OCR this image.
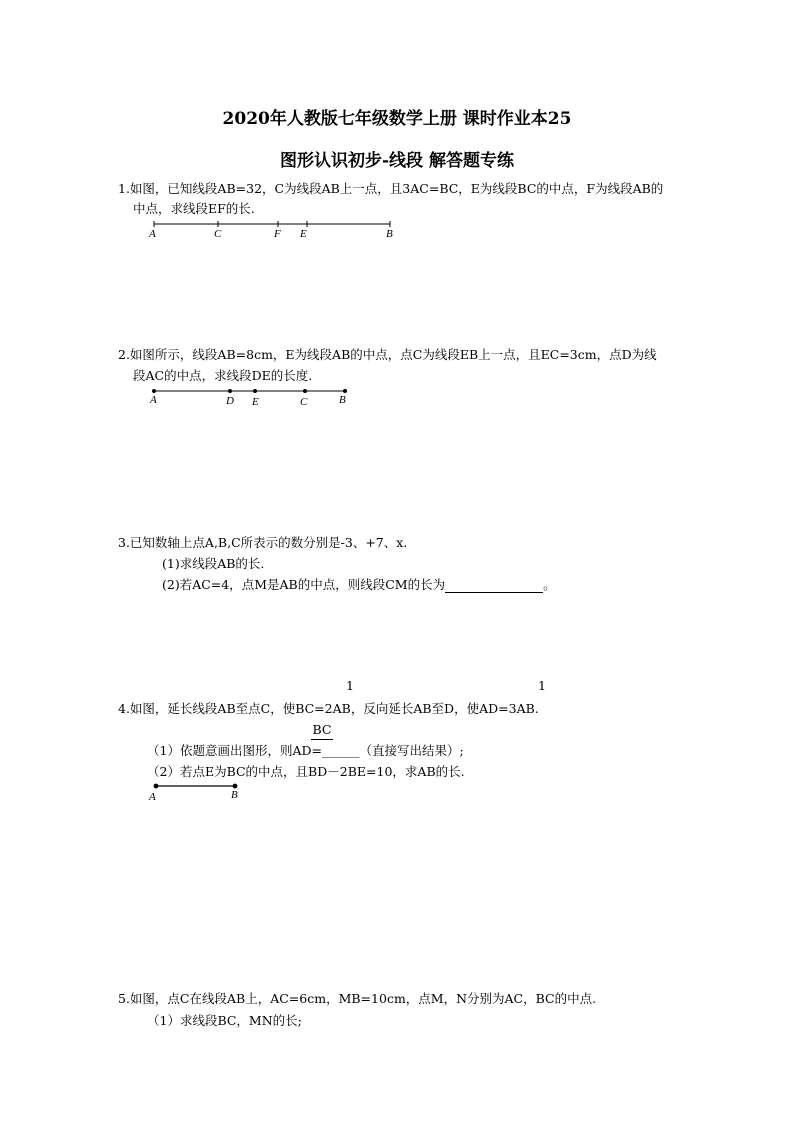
2020年人教版七年级数学上册 课时作业本25
图形认识初步-线段 解答题专练
1.如图，已知线段AB=32，C为线段AB上一点，且3AC=BC，E为线段BC的中点，F为线段AB的
中点，求线段EF的长.
A	C	F E	B
2.如图所示，线段AB=8cm，E为线段AB的中点，点C为线段EB上一点，且EC=3cm，点D为线
段AC的中点，求线段DE的长度.
A	D E	C	B
3.已知数轴上点A,B,C所表示的数分别是-3、+7、x.
(1)求线段AB的长.
(2)若AC=4，点M是AB的中点，则线段CM的长为	。
1	1
4.如图，延长线段AB至点C，使BC=2AB，反向延长AB至D，使AD=3AB.
BC
（1）依题意画出图形，则AD=______（直接写出结果）;
（2）若点E为BC的中点，且BD－2BE=10，求AB的长.
A	B
5.如图，点C在线段AB上，AC=6cm，MB=10cm，点M，N分别为AC，BC的中点.
（1）求线段BC，MN的长;
